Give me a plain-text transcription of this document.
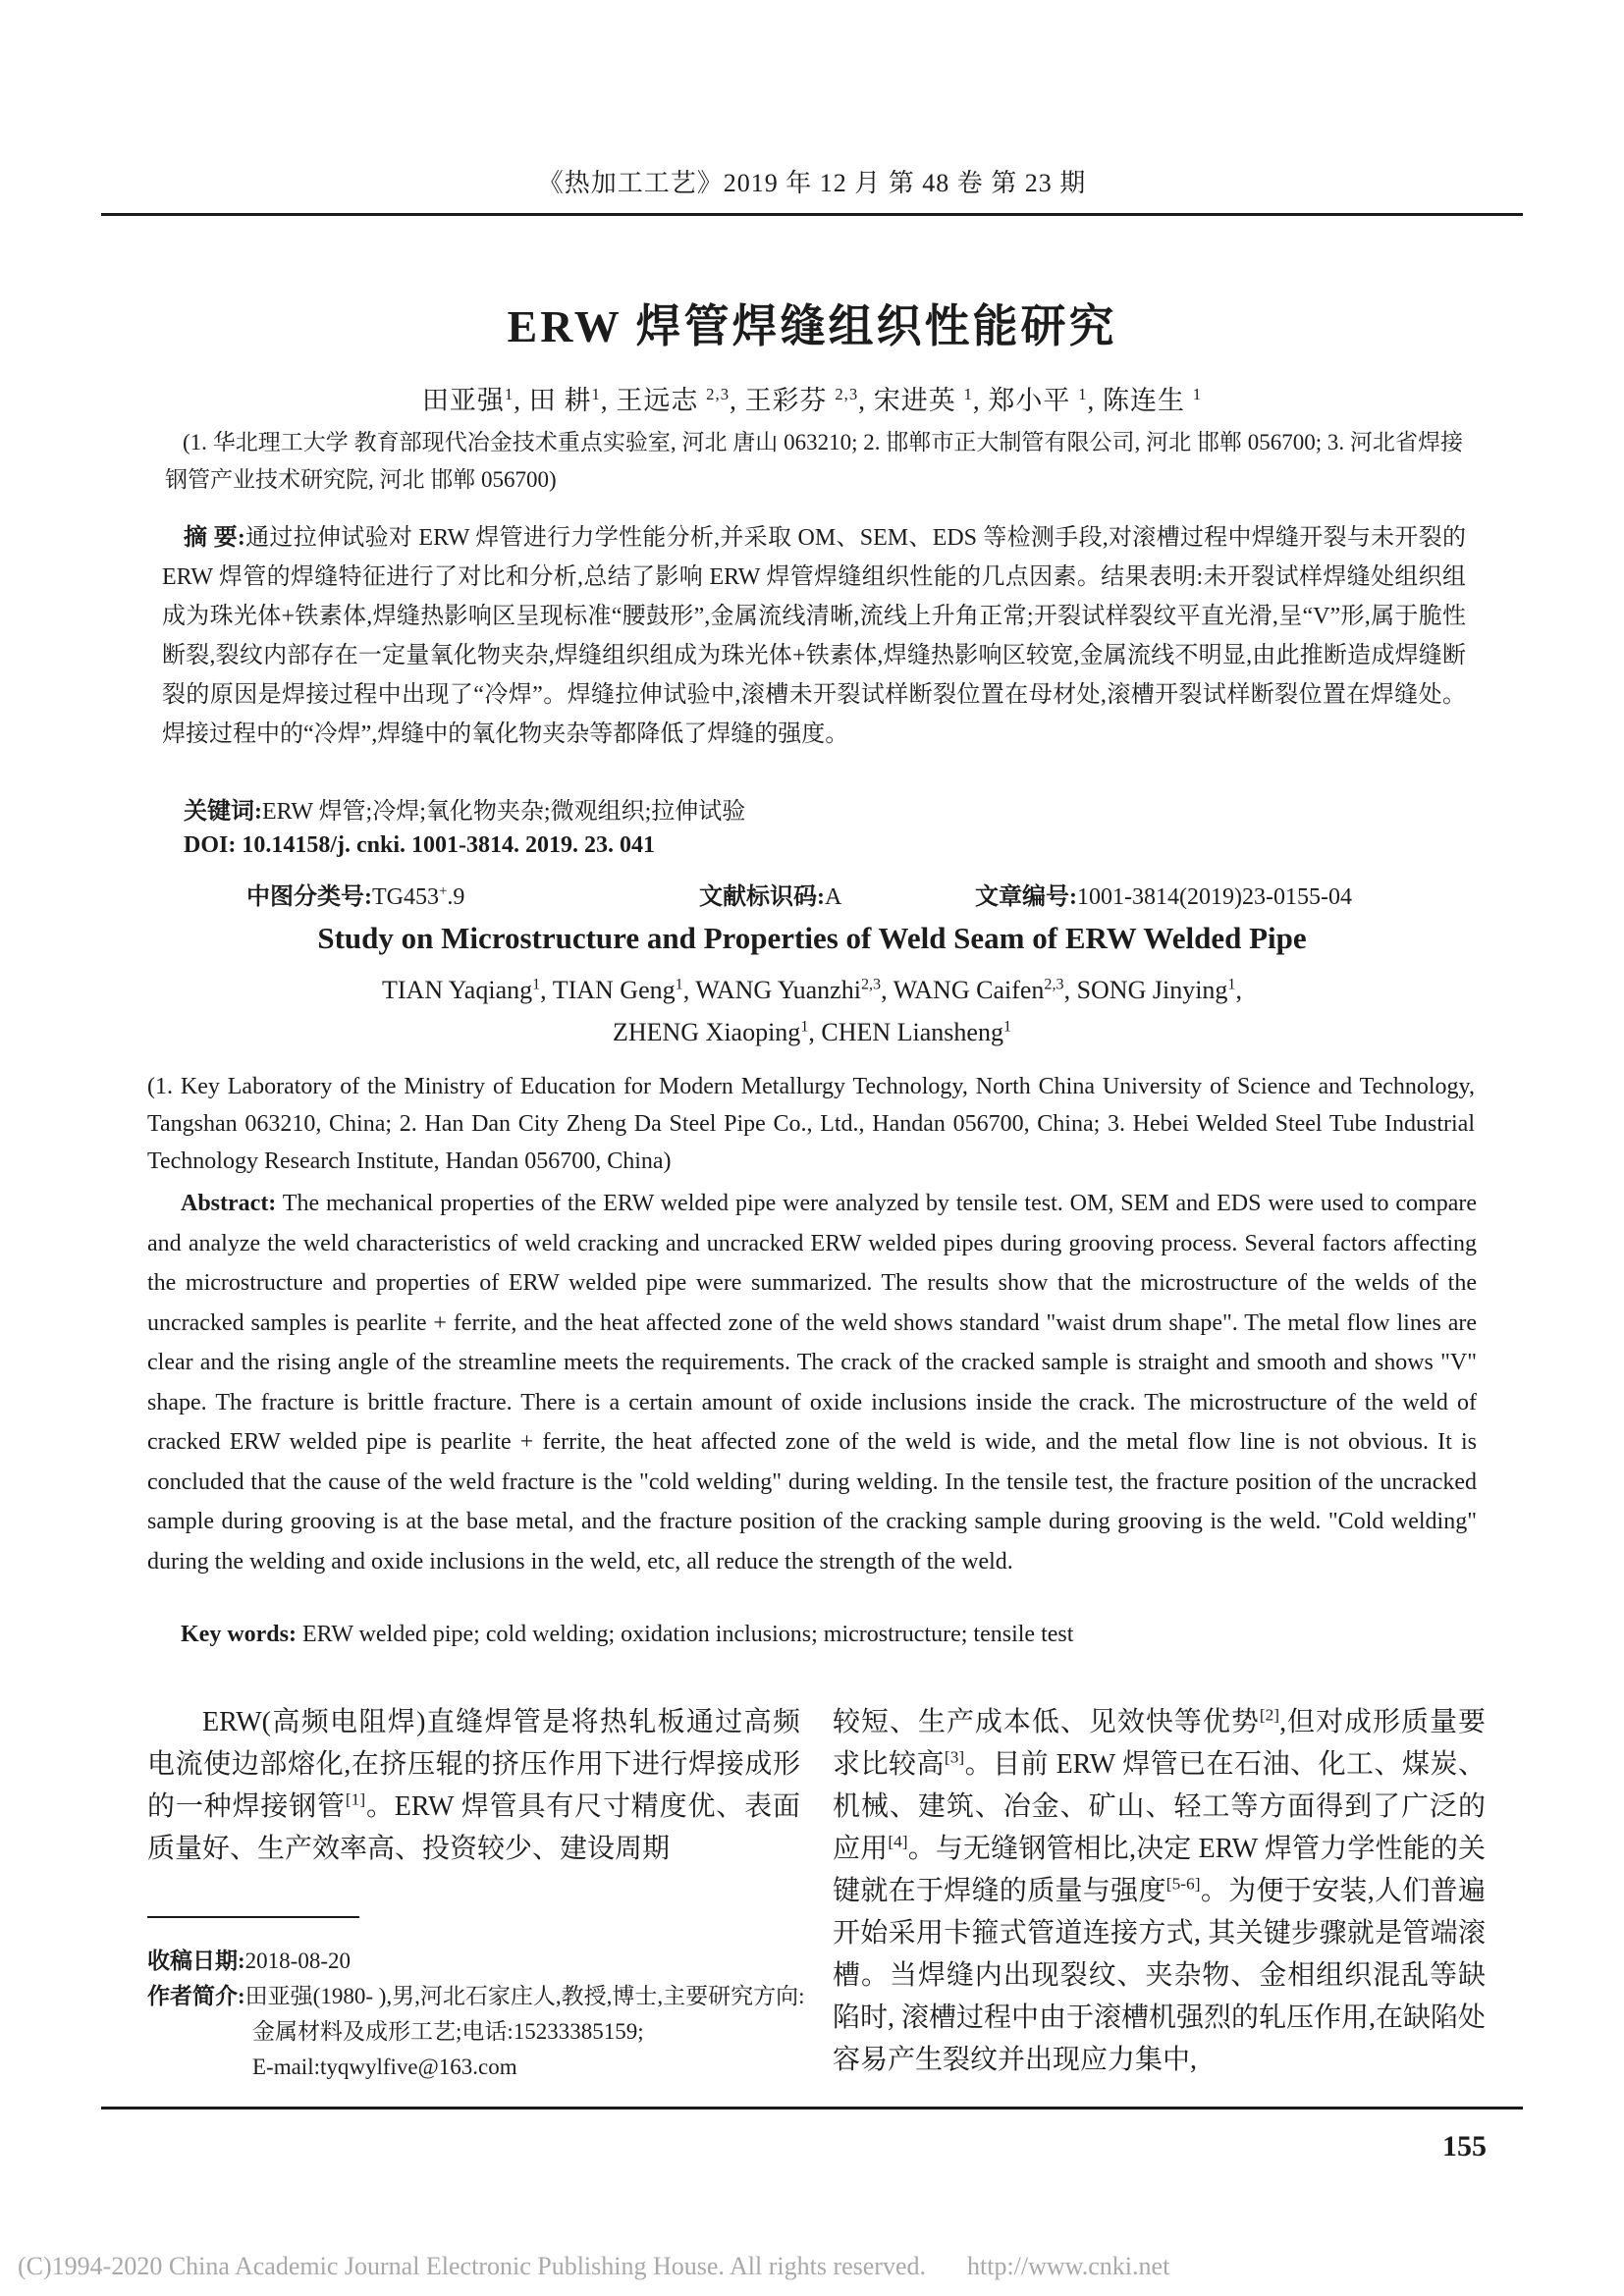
《热加工工艺》2019 年 12 月 第 48 卷 第 23 期
ERW 焊管焊缝组织性能研究
田亚强$^1$, 田 耕$^1$, 王远志 $^{2,3}$, 王彩芬 $^{2,3}$, 宋进英 $^1$, 郑小平 $^1$, 陈连生 $^1$
(1. 华北理工大学 教育部现代冶金技术重点实验室, 河北 唐山 063210; 2. 邯郸市正大制管有限公司, 河北 邯郸 056700; 3. 河北省焊接钢管产业技术研究院, 河北 邯郸 056700)

摘 要:通过拉伸试验对 ERW 焊管进行力学性能分析,并采取 OM、SEM、EDS 等检测手段,对滚槽过程中焊缝开裂与未开裂的 ERW 焊管的焊缝特征进行了对比和分析,总结了影响 ERW 焊管焊缝组织性能的几点因素。结果表明:未开裂试样焊缝处组织组成为珠光体+铁素体,焊缝热影响区呈现标准“腰鼓形”,金属流线清晰,流线上升角正常;开裂试样裂纹平直光滑,呈“V”形,属于脆性断裂,裂纹内部存在一定量氧化物夹杂,焊缝组织组成为珠光体+铁素体,焊缝热影响区较宽,金属流线不明显,由此推断造成焊缝断裂的原因是焊接过程中出现了“冷焊”。焊缝拉伸试验中,滚槽未开裂试样断裂位置在母材处,滚槽开裂试样断裂位置在焊缝处。焊接过程中的“冷焊”,焊缝中的氧化物夹杂等都降低了焊缝的强度。

关键词:ERW 焊管;冷焊;氧化物夹杂;微观组织;拉伸试验

DOI: 10.14158/j. cnki. 1001-3814. 2019. 23. 041

中图分类号:TG453+.9	文献标识码:A	文章编号:1001-3814(2019)23-0155-04
Study on Microstructure and Properties of Weld Seam of ERW Welded Pipe
TIAN Yaqiang$^1$, TIAN Geng$^1$, WANG Yuanzhi$^{2,3}$, WANG Caifen$^{2,3}$, SONG Jinying$^1$,
ZHENG Xiaoping$^1$, CHEN Liansheng$^1$
(1. Key Laboratory of the Ministry of Education for Modern Metallurgy Technology, North China University of Science and Technology, Tangshan 063210, China; 2. Han Dan City Zheng Da Steel Pipe Co., Ltd., Handan 056700, China; 3. Hebei Welded Steel Tube Industrial Technology Research Institute, Handan 056700, China)

Abstract: The mechanical properties of the ERW welded pipe were analyzed by tensile test. OM, SEM and EDS were used to compare and analyze the weld characteristics of weld cracking and uncracked ERW welded pipes during grooving process. Several factors affecting the microstructure and properties of ERW welded pipe were summarized. The results show that the microstructure of the welds of the uncracked samples is pearlite + ferrite, and the heat affected zone of the weld shows standard "waist drum shape". The metal flow lines are clear and the rising angle of the streamline meets the requirements. The crack of the cracked sample is straight and smooth and shows "V" shape. The fracture is brittle fracture. There is a certain amount of oxide inclusions inside the crack. The microstructure of the weld of cracked ERW welded pipe is pearlite + ferrite, the heat affected zone of the weld is wide, and the metal flow line is not obvious. It is concluded that the cause of the weld fracture is the "cold welding" during welding. In the tensile test, the fracture position of the uncracked sample during grooving is at the base metal, and the fracture position of the cracking sample during grooving is the weld. "Cold welding" during the welding and oxide inclusions in the weld, etc, all reduce the strength of the weld.

Key words: ERW welded pipe; cold welding; oxidation inclusions; microstructure; tensile test

ERW(高频电阻焊)直缝焊管是将热轧板通过高频电流使边部熔化,在挤压辊的挤压作用下进行焊接成形的一种焊接钢管[1]。ERW 焊管具有尺寸精度优、表面质量好、生产效率高、投资较少、建设周期

较短、生产成本低、见效快等优势[2],但对成形质量要求比较高[3]。目前 ERW 焊管已在石油、化工、煤炭、机械、建筑、冶金、矿山、轻工等方面得到了广泛的应用[4]。与无缝钢管相比,决定 ERW 焊管力学性能的关键就在于焊缝的质量与强度[5-6]。为便于安装,人们普遍开始采用卡箍式管道连接方式, 其关键步骤就是管端滚槽。当焊缝内出现裂纹、夹杂物、金相组织混乱等缺陷时, 滚槽过程中由于滚槽机强烈的轧压作用,在缺陷处容易产生裂纹并出现应力集中,

收稿日期:2018-08-20
作者简介:田亚强(1980- ),男,河北石家庄人,教授,博士,主要研究方向:金属材料及成形工艺;电话:15233385159;
E-mail:tyqwylfive@163.com
155
(C)1994-2020 China Academic Journal Electronic Publishing House. All rights reserved. http://www.cnki.net
